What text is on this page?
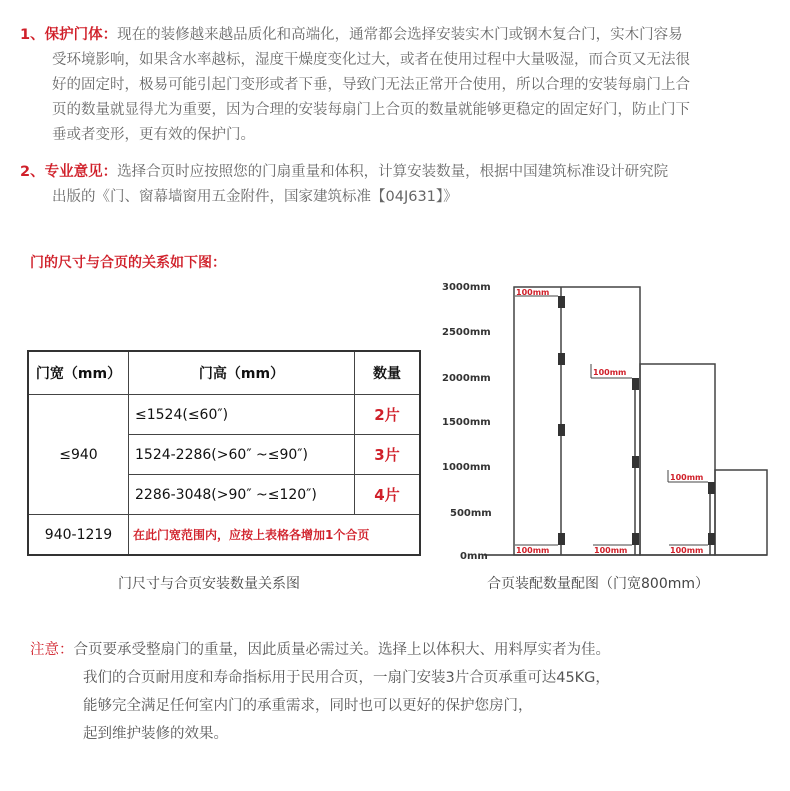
1、保护门体：现在的装修越来越品质化和高端化，通常都会选择安装实木门或钢木复合门，实木门容易
受环境影响，如果含水率越标，湿度干燥度变化过大，或者在使用过程中大量吸湿，而合页又无法很
好的固定时，极易可能引起门变形或者下垂，导致门无法正常开合使用，所以合理的安装每扇门上合
页的数量就显得尤为重要，因为合理的安装每扇门上合页的数量就能够更稳定的固定好门，防止门下
垂或者变形，更有效的保护门。
2、专业意见：选择合页时应按照您的门扇重量和体积，计算安装数量，根据中国建筑标准设计研究院
出版的《门、窗幕墙窗用五金附件，国家建筑标准【04J631】》
门的尺寸与合页的关系如下图：
门宽（mm）	门高（mm）	数量
≤940	≤1524(≤60″)	2片
	1524-2286(>60″ ~≤90″)	3片
	2286-3048(>90″ ~≤120″)	4片
940-1219	在此门宽范围内，应按上表格各增加1个合页	
门尺寸与合页安装数量关系图
3000mm
2500mm
2000mm
1500mm
1000mm
500mm
0mm
100mm
100mm
100mm
100mm
100mm
100mm
合页装配数量配图（门宽800mm）
注意：合页要承受整扇门的重量，因此质量必需过关。选择上以体积大、用料厚实者为佳。
我们的合页耐用度和寿命指标用于民用合页，一扇门安装3片合页承重可达45KG，
能够完全满足任何室内门的承重需求，同时也可以更好的保护您房门，
起到维护装修的效果。
